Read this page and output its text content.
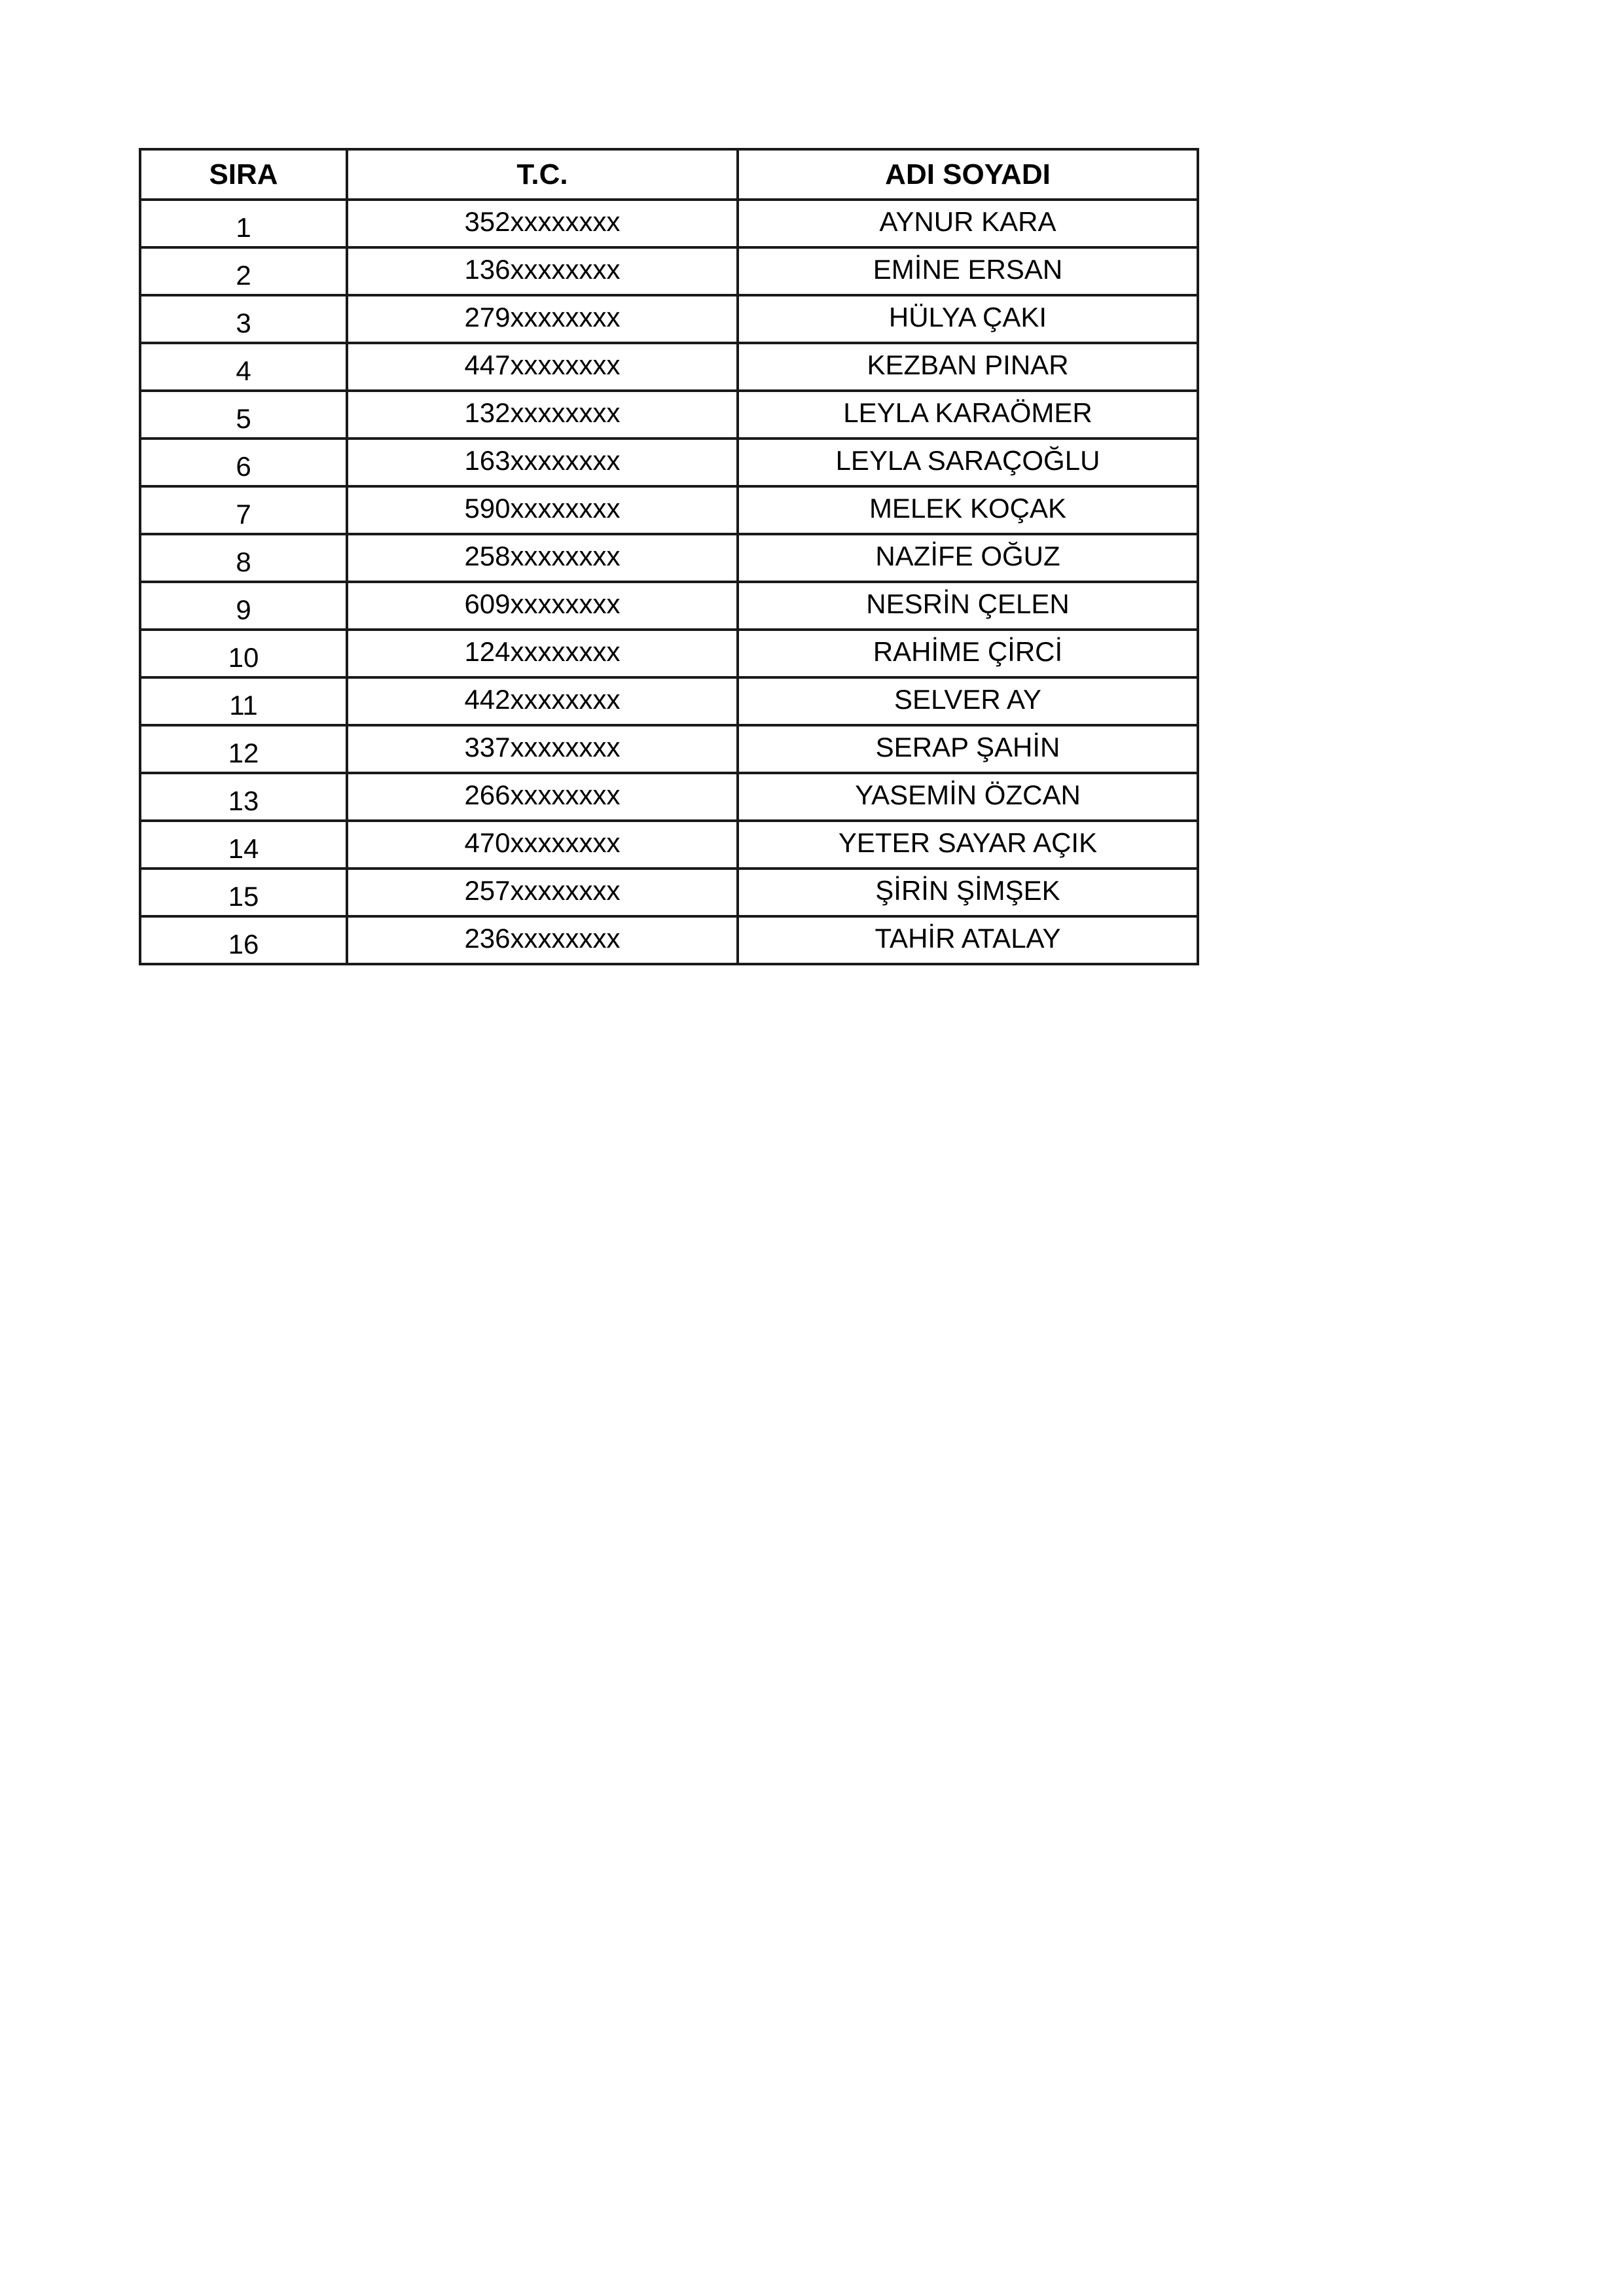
SIRA	T.C.	ADI SOYADI
1	352xxxxxxxx	AYNUR KARA
2	136xxxxxxxx	EMİNE ERSAN
3	279xxxxxxxx	HÜLYA ÇAKI
4	447xxxxxxxx	KEZBAN PINAR
5	132xxxxxxxx	LEYLA KARAÖMER
6	163xxxxxxxx	LEYLA SARAÇOĞLU
7	590xxxxxxxx	MELEK KOÇAK
8	258xxxxxxxx	NAZİFE OĞUZ
9	609xxxxxxxx	NESRİN ÇELEN
10	124xxxxxxxx	RAHİME ÇİRCİ
11	442xxxxxxxx	SELVER AY
12	337xxxxxxxx	SERAP ŞAHİN
13	266xxxxxxxx	YASEMİN ÖZCAN
14	470xxxxxxxx	YETER SAYAR AÇIK
15	257xxxxxxxx	ŞİRİN ŞİMŞEK
16	236xxxxxxxx	TAHİR ATALAY
